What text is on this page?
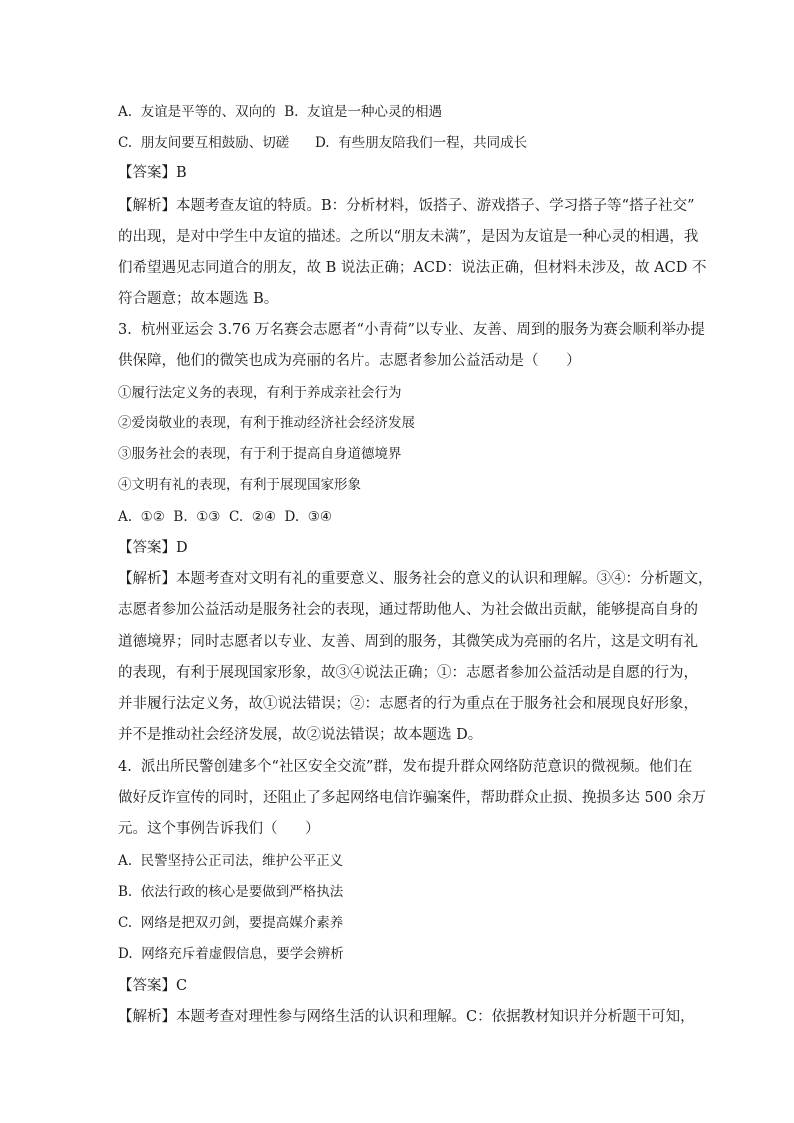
A.  友谊是平等的、双向的  B.  友谊是一种心灵的相遇
C.  朋友间要互相鼓励、切磋      D.  有些朋友陪我们一程，共同成长
【答案】B
【解析】本题考查友谊的特质。B：分析材料，饭搭子、游戏搭子、学习搭子等“搭子社交”
的出现，是对中学生中友谊的描述。之所以“朋友未满”，是因为友谊是一种心灵的相遇，我
们希望遇见志同道合的朋友，故 B 说法正确；ACD：说法正确，但材料未涉及，故 ACD 不
符合题意；故本题选 B。
3.  杭州亚运会 3.76 万名赛会志愿者“小青荷”以专业、友善、周到的服务为赛会顺利举办提
供保障，他们的微笑也成为亮丽的名片。志愿者参加公益活动是（      ）
①履行法定义务的表现，有利于养成亲社会行为
②爱岗敬业的表现，有利于推动经济社会经济发展
③服务社会的表现，有于利于提高自身道德境界
④文明有礼的表现，有利于展现国家形象
A.  ①②  B.  ①③  C.  ②④  D.  ③④
【答案】D
【解析】本题考查对文明有礼的重要意义、服务社会的意义的认识和理解。③④：分析题文，
志愿者参加公益活动是服务社会的表现，通过帮助他人、为社会做出贡献，能够提高自身的
道德境界；同时志愿者以专业、友善、周到的服务，其微笑成为亮丽的名片，这是文明有礼
的表现，有利于展现国家形象，故③④说法正确；①：志愿者参加公益活动是自愿的行为，
并非履行法定义务，故①说法错误；②：志愿者的行为重点在于服务社会和展现良好形象，
并不是推动社会经济发展，故②说法错误；故本题选 D。
4.  派出所民警创建多个“社区安全交流”群，发布提升群众网络防范意识的微视频。他们在
做好反诈宣传的同时，还阻止了多起网络电信诈骗案件，帮助群众止损、挽损多达 500 余万
元。这个事例告诉我们（      ）
A.  民警坚持公正司法，维护公平正义
B.  依法行政的核心是要做到严格执法
C.  网络是把双刃剑，要提高媒介素养
D.  网络充斥着虚假信息，要学会辨析
【答案】C
【解析】本题考查对理性参与网络生活的认识和理解。C：依据教材知识并分析题干可知，
